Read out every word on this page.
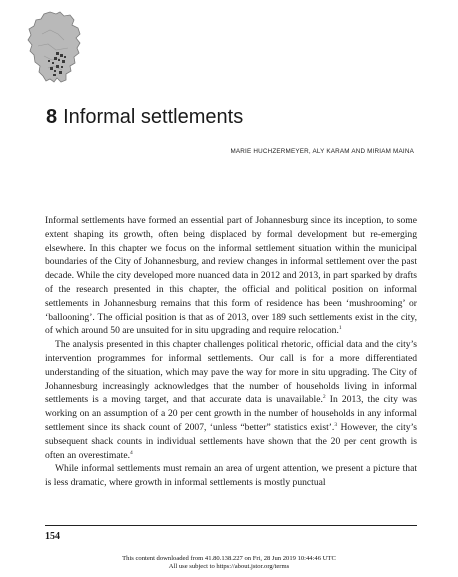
8 Informal settlements
MARIE HUCHZERMEYER, ALY KARAM AND MIRIAM MAINA

Informal settlements have formed an essential part of Johannesburg since its inception, to some extent shaping its growth, often being displaced by formal development but re-emerging elsewhere. In this chapter we focus on the informal settlement situation within the municipal boundaries of the City of Johannesburg, and review changes in informal settlement over the past decade. While the city developed more nuanced data in 2012 and 2013, in part sparked by drafts of the research presented in this chapter, the official and political position on informal settlements in Johannesburg remains that this form of residence has been ‘mushrooming’ or ‘ballooning’. The official position is that as of 2013, over 189 such settlements exist in the city, of which around 50 are unsuited for in situ upgrading and require relocation.$^1$

The analysis presented in this chapter challenges political rhetoric, official data and the city’s intervention programmes for informal settlements. Our call is for a more differentiated understanding of the situation, which may pave the way for more in situ upgrading. The City of Johannesburg increasingly acknowledges that the number of households living in informal settlements is a moving target, and that accurate data is unavailable.$^2$ In 2013, the city was working on an assumption of a 20 per cent growth in the number of households in any informal settlement since its shack count of 2007, ‘unless “better” statistics exist’.$^3$ However, the city’s subsequent shack counts in individual settlements have shown that the 20 per cent growth is often an overestimate.$^4$

While informal settlements must remain an area of urgent attention, we present a picture that is less dramatic, where growth in informal settlements is mostly punctual

154
This content downloaded from 41.80.138.227 on Fri, 28 Jun 2019 10:44:46 UTC
All use subject to https://about.jstor.org/terms
